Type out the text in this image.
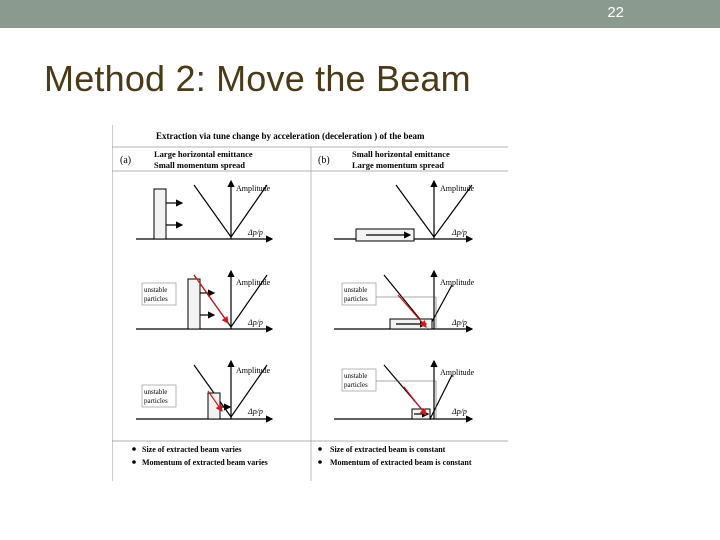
22
Method 2: Move the Beam
Extraction via tune change by acceleration (deceleration ) of the beam
(a)
Large horizontal emittance
Small momentum spread	(b)
Small horizontal emittance
Large momentum spread
Amplitude
Δp/p
unstable
particles
Amplitude
Δp/p
unstable
particles
Amplitude
Δp/p
Amplitude
Δp/p
unstable
particles
Amplitude
Δp/p
unstable
particles
Amplitude
Δp/p
Size of extracted beam varies
Momentum of extracted beam varies
Size of extracted beam is constant
Momentum of extracted beam is constant
